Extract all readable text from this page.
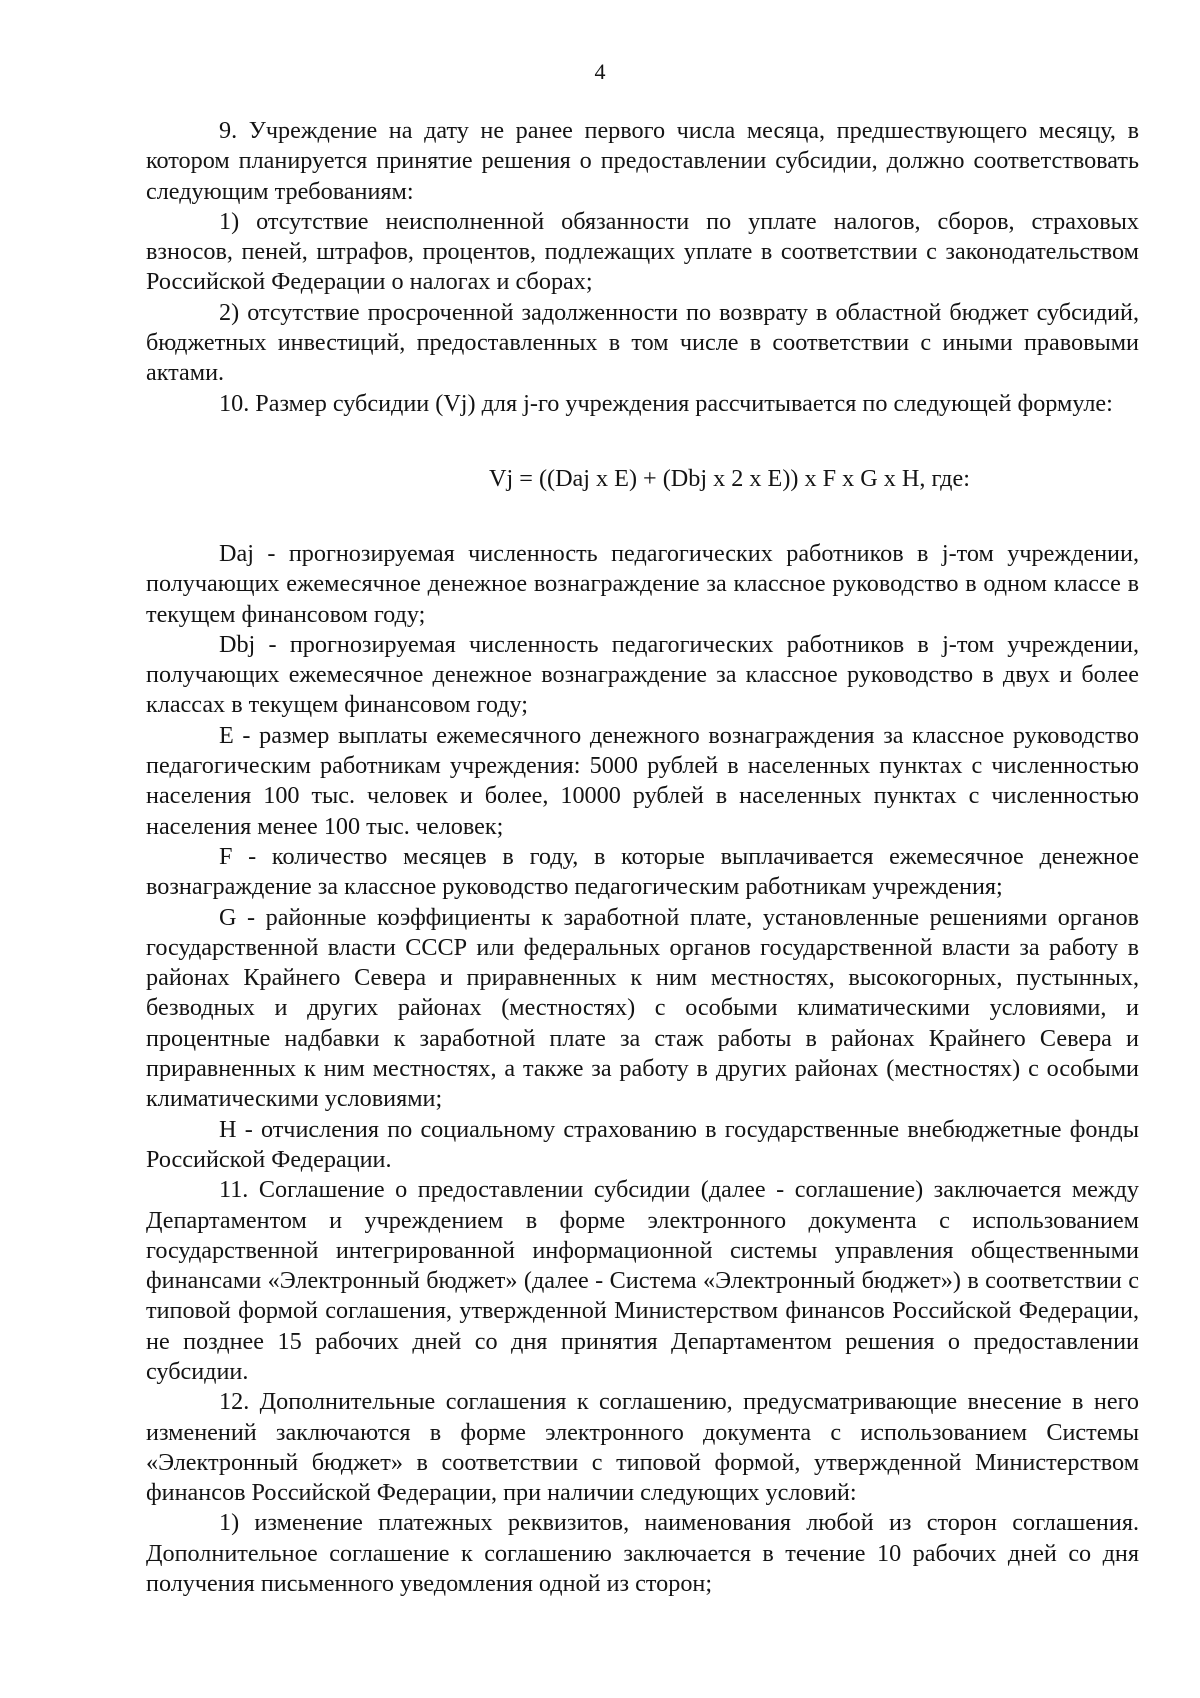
4

9. Учреждение на дату не ранее первого числа месяца, предшествующего месяцу, в котором планируется принятие решения о предоставлении субсидии, должно соответствовать следующим требованиям:

1) отсутствие неисполненной обязанности по уплате налогов, сборов, страховых взносов, пеней, штрафов, процентов, подлежащих уплате в соответствии с законодательством Российской Федерации о налогах и сборах;

2) отсутствие просроченной задолженности по возврату в областной бюджет субсидий, бюджетных инвестиций, предоставленных в том числе в соответствии с иными правовыми актами.

10. Размер субсидии (Vj) для j-го учреждения рассчитывается по следующей формуле:

Vj = ((Daj x E) + (Dbj x 2 x E)) x F x G x H, где:

Daj - прогнозируемая численность педагогических работников в j-том учреждении, получающих ежемесячное денежное вознаграждение за классное руководство в одном классе в текущем финансовом году;

Dbj - прогнозируемая численность педагогических работников в j-том учреждении, получающих ежемесячное денежное вознаграждение за классное руководство в двух и более классах в текущем финансовом году;

E - размер выплаты ежемесячного денежного вознаграждения за классное руководство педагогическим работникам учреждения: 5000 рублей в населенных пунктах с численностью населения 100 тыс. человек и более, 10000 рублей в населенных пунктах с численностью населения менее 100 тыс. человек;

F - количество месяцев в году, в которые выплачивается ежемесячное денежное вознаграждение за классное руководство педагогическим работникам учреждения;

G - районные коэффициенты к заработной плате, установленные решениями органов государственной власти СССР или федеральных органов государственной власти за работу в районах Крайнего Севера и приравненных к ним местностях, высокогорных, пустынных, безводных и других районах (местностях) с особыми климатическими условиями, и процентные надбавки к заработной плате за стаж работы в районах Крайнего Севера и приравненных к ним местностях, а также за работу в других районах (местностях) с особыми климатическими условиями;

H - отчисления по социальному страхованию в государственные внебюджетные фонды Российской Федерации.

11. Соглашение о предоставлении субсидии (далее - соглашение) заключается между Департаментом и учреждением в форме электронного документа с использованием государственной интегрированной информационной системы управления общественными финансами «Электронный бюджет» (далее - Система «Электронный бюджет») в соответствии с типовой формой соглашения, утвержденной Министерством финансов Российской Федерации, не позднее 15 рабочих дней со дня принятия Департаментом решения о предоставлении субсидии.

12. Дополнительные соглашения к соглашению, предусматривающие внесение в него изменений заключаются в форме электронного документа с использованием Системы «Электронный бюджет» в соответствии с типовой формой, утвержденной Министерством финансов Российской Федерации, при наличии следующих условий:

1) изменение платежных реквизитов, наименования любой из сторон соглашения. Дополнительное соглашение к соглашению заключается в течение 10 рабочих дней со дня получения письменного уведомления одной из сторон;
